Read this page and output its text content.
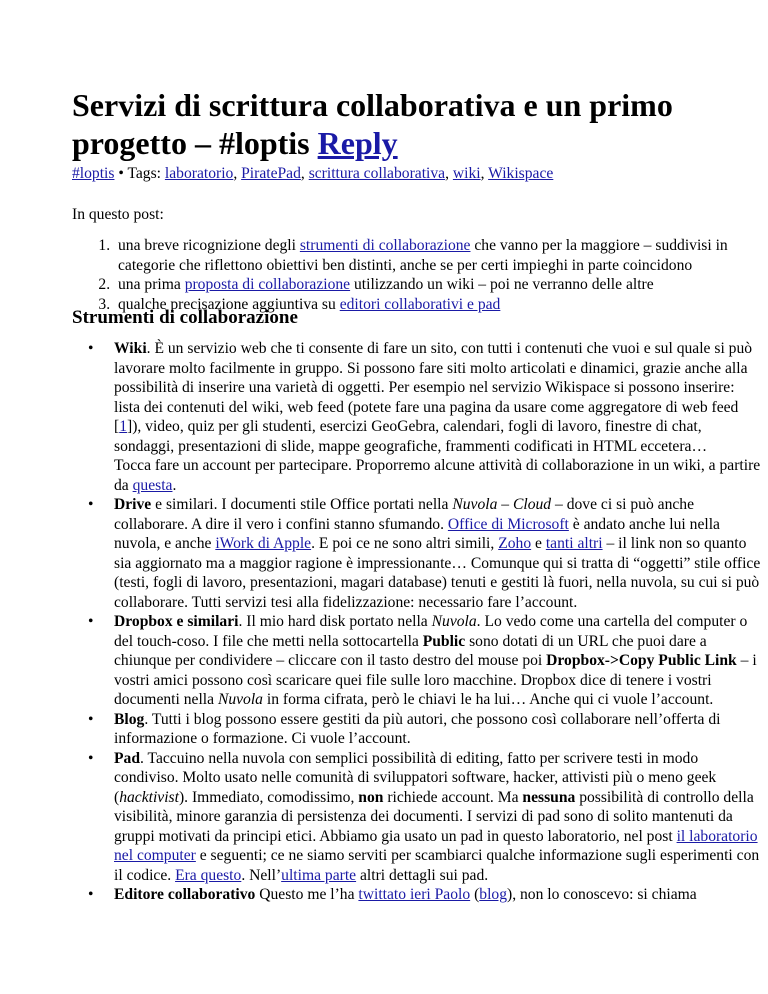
Servizi di scrittura collaborativa e un primo progetto – #loptis Reply
#loptis • Tags: laboratorio, PiratePad, scrittura collaborativa, wiki, Wikispace
In questo post:
1. una breve ricognizione degli strumenti di collaborazione che vanno per la maggiore – suddivisi in categorie che riflettono obiettivi ben distinti, anche se per certi impieghi in parte coincidono
2. una prima proposta di collaborazione utilizzando un wiki – poi ne verranno delle altre
3. qualche precisazione aggiuntiva su editori collaborativi e pad
Strumenti di collaborazione
• Wiki. È un servizio web che ti consente di fare un sito, con tutti i contenuti che vuoi e sul quale si può lavorare molto facilmente in gruppo. Si possono fare siti molto articolati e dinamici, grazie anche alla possibilità di inserire una varietà di oggetti. Per esempio nel servizio Wikispace si possono inserire: lista dei contenuti del wiki, web feed (potete fare una pagina da usare come aggregatore di web feed [1]), video, quiz per gli studenti, esercizi GeoGebra, calendari, fogli di lavoro, finestre di chat, sondaggi, presentazioni di slide, mappe geografiche, frammenti codificati in HTML eccetera…
Tocca fare un account per partecipare. Proporremo alcune attività di collaborazione in un wiki, a partire da questa.
• Drive e similari. I documenti stile Office portati nella Nuvola – Cloud – dove ci si può anche collaborare. A dire il vero i confini stanno sfumando. Office di Microsoft è andato anche lui nella nuvola, e anche iWork di Apple. E poi ce ne sono altri simili, Zoho e tanti altri – il link non so quanto sia aggiornato ma a maggior ragione è impressionante… Comunque qui si tratta di “oggetti” stile office (testi, fogli di lavoro, presentazioni, magari database) tenuti e gestiti là fuori, nella nuvola, su cui si può collaborare. Tutti servizi tesi alla fidelizzazione: necessario fare l’account.
• Dropbox e similari. Il mio hard disk portato nella Nuvola. Lo vedo come una cartella del computer o del touch-coso. I file che metti nella sottocartella Public sono dotati di un URL che puoi dare a chiunque per condividere – cliccare con il tasto destro del mouse poi Dropbox->Copy Public Link – i vostri amici possono così scaricare quei file sulle loro macchine. Dropbox dice di tenere i vostri documenti nella Nuvola in forma cifrata, però le chiavi le ha lui… Anche qui ci vuole l’account.
• Blog. Tutti i blog possono essere gestiti da più autori, che possono così collaborare nell’offerta di informazione o formazione. Ci vuole l’account.
• Pad. Taccuino nella nuvola con semplici possibilità di editing, fatto per scrivere testi in modo condiviso. Molto usato nelle comunità di sviluppatori software, hacker, attivisti più o meno geek (hacktivist). Immediato, comodissimo, non richiede account. Ma nessuna possibilità di controllo della visibilità, minore garanzia di persistenza dei documenti. I servizi di pad sono di solito mantenuti da gruppi motivati da principi etici. Abbiamo gia usato un pad in questo laboratorio, nel post il laboratorio nel computer e seguenti; ce ne siamo serviti per scambiarci qualche informazione sugli esperimenti con il codice. Era questo. Nell’ultima parte altri dettagli sui pad.
• Editore collaborativo Questo me l’ha twittato ieri Paolo (blog), non lo conoscevo: si chiama
